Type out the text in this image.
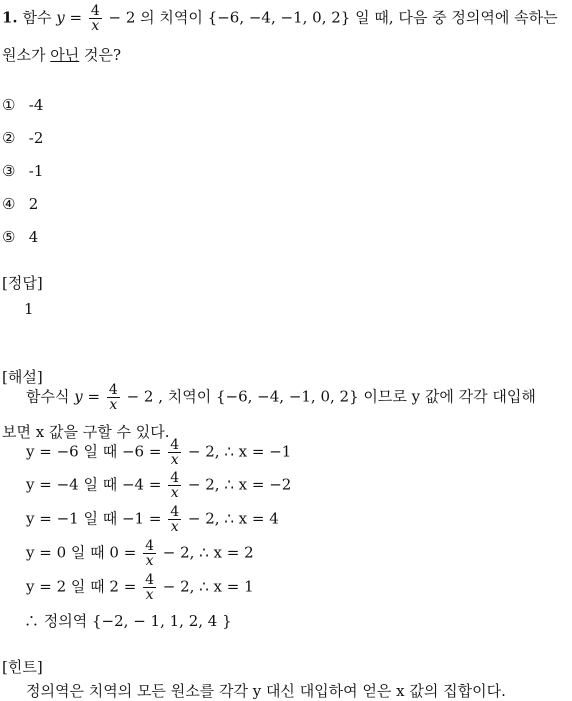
1. 함수 $y = \frac{4}{x} - 2$ 의 치역이 {−6, −4, −1, 0, 2} 일 때, 다음 중 정의역에 속하는
원소가 아닌 것은?
① -4
② -2
③ -1
④ 2
⑤ 4
[정답]
1
[해설]
함수식 $y = \frac{4}{x} - 2$ , 치역이 {−6, −4, −1, 0, 2} 이므로 y 값에 각각 대입해
보면 x 값을 구할 수 있다.
y = −6 일 때 $-6 = \frac{4}{x} - 2$, ∴ x = −1
y = −4 일 때 $-4 = \frac{4}{x} - 2$, ∴ x = −2
y = −1 일 때 $-1 = \frac{4}{x} - 2$, ∴ x = 4
y = 0 일 때 $0 = \frac{4}{x} - 2$, ∴ x = 2
y = 2 일 때 $2 = \frac{4}{x} - 2$, ∴ x = 1
∴ 정의역 {−2, − 1, 1, 2, 4 }
[힌트]
정의역은 치역의 모든 원소를 각각 y 대신 대입하여 얻은 x 값의 집합이다.
